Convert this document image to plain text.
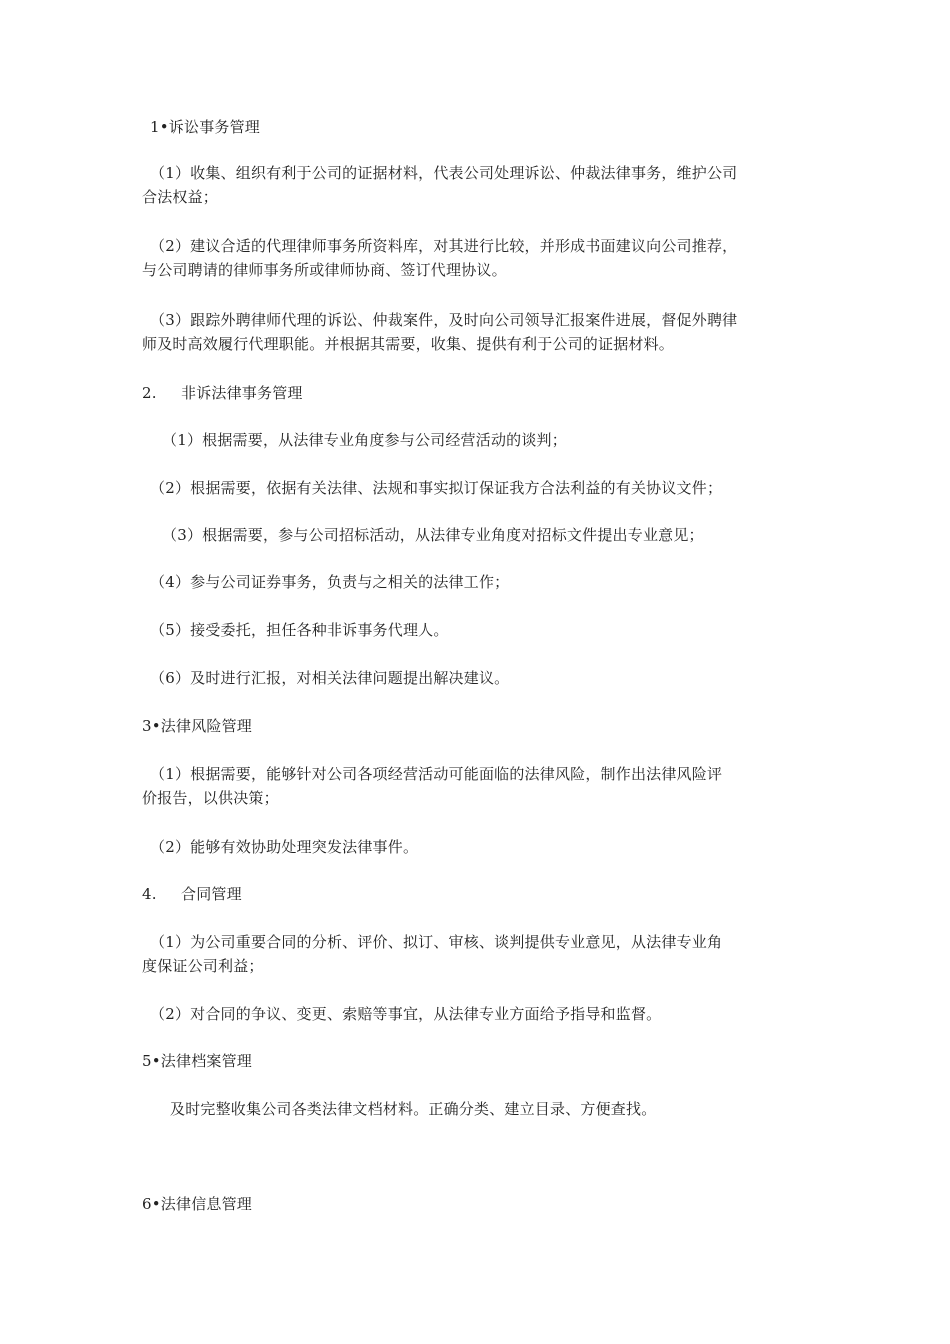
1•诉讼事务管理
（1）收集、组织有利于公司的证据材料，代表公司处理诉讼、仲裁法律事务，维护公司
合法权益；
（2）建议合适的代理律师事务所资料库，对其进行比较，并形成书面建议向公司推荐，
与公司聘请的律师事务所或律师协商、签订代理协议。
（3）跟踪外聘律师代理的诉讼、仲裁案件，及时向公司领导汇报案件进展，督促外聘律
师及时高效履行代理职能。并根据其需要，收集、提供有利于公司的证据材料。
2. 非诉法律事务管理
（1）根据需要，从法律专业角度参与公司经营活动的谈判；
（2）根据需要，依据有关法律、法规和事实拟订保证我方合法利益的有关协议文件；
（3）根据需要，参与公司招标活动，从法律专业角度对招标文件提出专业意见；
（4）参与公司证券事务，负责与之相关的法律工作；
（5）接受委托，担任各种非诉事务代理人。
（6）及时进行汇报，对相关法律问题提出解决建议。
3•法律风险管理
（1）根据需要，能够针对公司各项经营活动可能面临的法律风险，制作出法律风险评
价报告，以供决策；
（2）能够有效协助处理突发法律事件。
4. 合同管理
（1）为公司重要合同的分析、评价、拟订、审核、谈判提供专业意见，从法律专业角
度保证公司利益；
（2）对合同的争议、变更、索赔等事宜，从法律专业方面给予指导和监督。
5•法律档案管理
及时完整收集公司各类法律文档材料。正确分类、建立目录、方便查找。
6•法律信息管理
